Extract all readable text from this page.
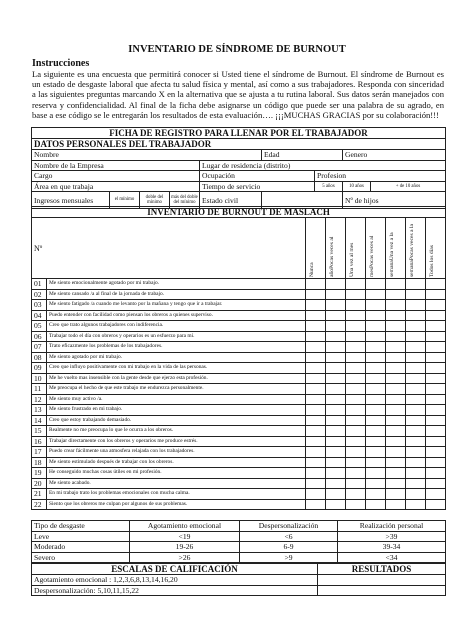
INVENTARIO DE SÍNDROME DE BURNOUT
Instrucciones
La siguiente es una encuesta que permitirá conocer si Usted tiene el síndrome de Burnout. El síndrome de Burnout es un estado de desgaste laboral que afecta tu salud física y mental, así como a sus trabajadores. Responda con sinceridad a las siguientes preguntas marcando X en la alternativa que se ajusta a tu rutina laboral. Sus datos serán manejados con reserva y confidencialidad. Al final de la ficha debe asignarse un código que puede ser una palabra de su agrado, en base a ese código se le entregarán los resultados de esta evaluación…. ¡¡¡MUCHAS GRACIAS por su colaboración!!!
FICHA DE REGISTRO PARA LLENAR POR EL TRABAJADOR								
DATOS PERSONALES DEL TRABAJADOR								
Nombre					Edad		Genero	
Nombre de la Empresa				Lugar de residencia (distrito)				
Cargo				Ocupación		Profesion		
Área en que trabaja				Tiempo de servicio		5 años	10 años	+ de 10 años
Ingresos mensuales	el mínimo	doble del mínimo	más del doble del mínimo	Estado civil			Nº de hijos	
INVENTARIO DE BURNOUT DE MASLACH								
Nº		Nunca	añoPocas veces al	Una vez al mes	mesPocas veces al	semanaUna vez a la	semanaPocas veces a la	Todos los días

01	Me siento emocionalmente agotado por mi trabajo.							
02	Me siento cansado /a al final de la jornada de trabajo.							
03	Me siento fatigado /a cuando me levanto por la mañana y tengo que ir a trabajar.							
04	Puedo entender con facilidad como piensan los obreros a quienes superviso.							
05	Creo que trato algunos trabajadores con indiferencia.							
06	Trabajar todo el día con obreros y operarios es un esfuerzo para mí.							
07	Trato eficazmente los problemas de los trabajadores.							
08	Me siento agotado por mi trabajo.							
09	Creo que influyo positivamente con mi trabajo en la vida de las personas.							
10	Me he vuelto mas insensible con la gente desde que ejerzo esta profesión.							
11	Me preocupa el hecho de que este trabajo me endurezca personalmente.							
12	Me siento muy activo /a.							
13	Me siento frustrado en mi trabajo.							
14	Creo que estoy trabajando demasiado.							
15	Realmente no me preocupa lo que le ocurra a los obreros.							
16	Trabajar directamente con los obreros y operarios me produce estrés.							
17	Puedo crear fácilmente una atmosfera relajada con los trabajadores.							
18	Me siento estimulado después de trabajar con los obreros.							
19	He conseguido muchas cosas útiles en mi profesión.							
20	Me siento acabado.							
21	En mi trabajo trato los problemas emocionales con mucha calma.							
22	Siento que los obreros me culpan por algunos de sus problemas.							
Tipo de desgaste	Agotamiento emocional	Despersonalización	Realización personal
Leve	<19	<6	>39
Moderado	19-26	6-9	39-34
Severo	>26	>9	<34
ESCALAS DE CALIFICACIÓN	RESULTADOS
Agotamiento emocional : 1,2,3,6,8,13,14,16,20	
Despersonalización: 5,10,11,15,22	
